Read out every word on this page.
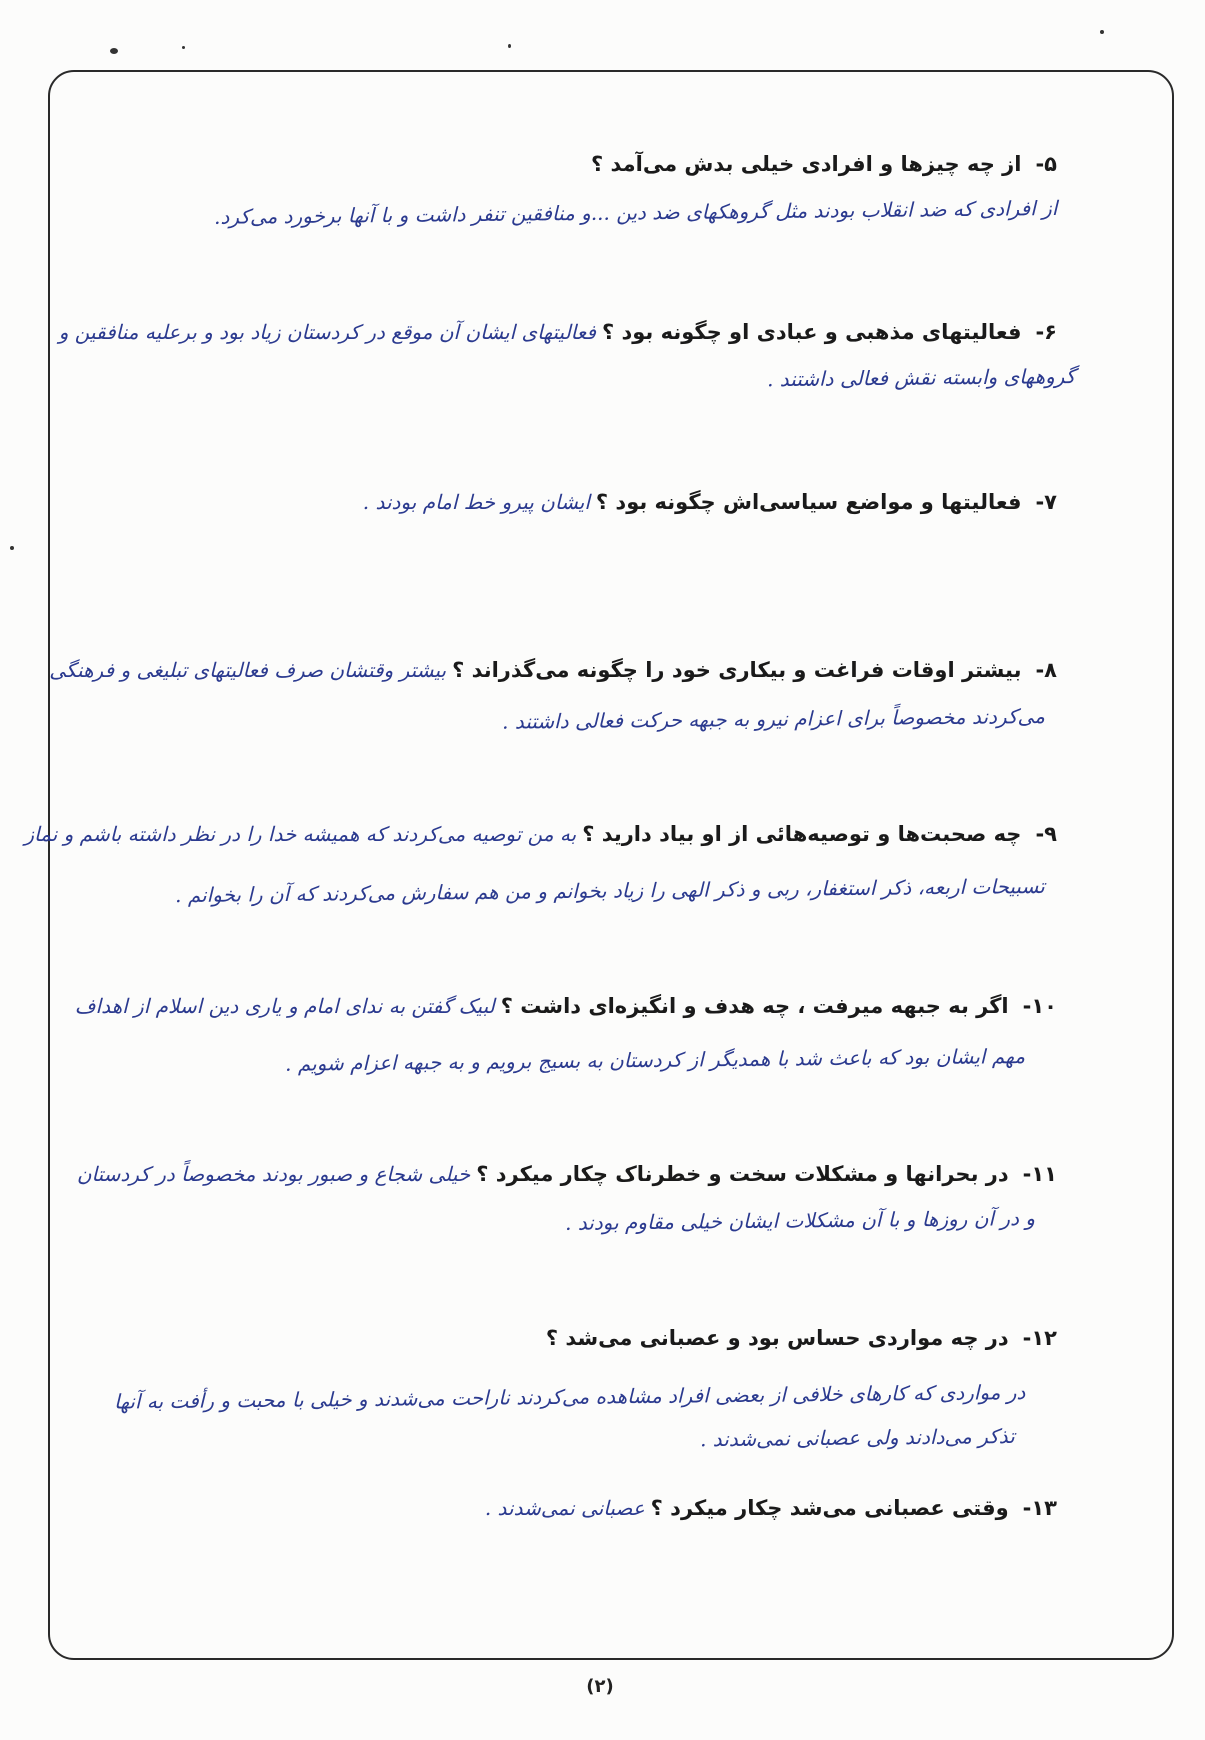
۵-
از چه چیزها و افرادی خیلی بدش می‌آمد ؟
از افرادی که ضد انقلاب بودند مثل گروهکهای ضد دین ...و منافقین تنفر داشت و با آنها برخورد می‌کرد.
۶-
فعالیتهای مذهبی و عبادی او چگونه بود ؟
فعالیتهای ایشان آن موقع در کردستان زیاد بود و برعلیه منافقین و
گروههای وابسته نقش فعالی داشتند .
۷-
فعالیتها و مواضع سیاسی‌اش چگونه بود ؟
ایشان پیرو خط امام بودند .
۸-
بیشتر اوقات فراغت و بیکاری خود را چگونه می‌گذراند ؟
بیشتر وقتشان صرف فعالیتهای تبلیغی و فرهنگی
می‌کردند مخصوصاً برای اعزام نیرو به جبهه حرکت فعالی داشتند .
۹-
چه صحبت‌ها و توصیه‌هائی از او بیاد دارید ؟
به من توصیه می‌کردند که همیشه خدا را در نظر داشته باشم و نماز
تسبیحات اربعه، ذکر استغفار، ربی و ذکر الهی را زیاد بخوانم و من هم سفارش می‌کردند که آن را بخوانم .
۱۰-
اگر به جبهه میرفت ، چه هدف و انگیزه‌ای داشت ؟
لبیک گفتن به ندای امام و یاری دین اسلام از اهداف
مهم ایشان بود که باعث شد با همدیگر از کردستان به بسیج برویم و به جبهه اعزام شویم .
۱۱-
در بحرانها و مشکلات سخت و خطرناک چکار میکرد ؟
خیلی شجاع و صبور بودند مخصوصاً در کردستان
و در آن روزها و با آن مشکلات ایشان خیلی مقاوم بودند .
۱۲-
در چه مواردی حساس بود و عصبانی می‌شد ؟
در مواردی که کارهای خلافی از بعضی افراد مشاهده می‌کردند ناراحت می‌شدند و خیلی با محبت و رأفت به آنها
تذکر می‌دادند ولی عصبانی نمی‌شدند .
۱۳-
وقتی عصبانی می‌شد چکار میکرد ؟
عصبانی نمی‌شدند .
(۲)
